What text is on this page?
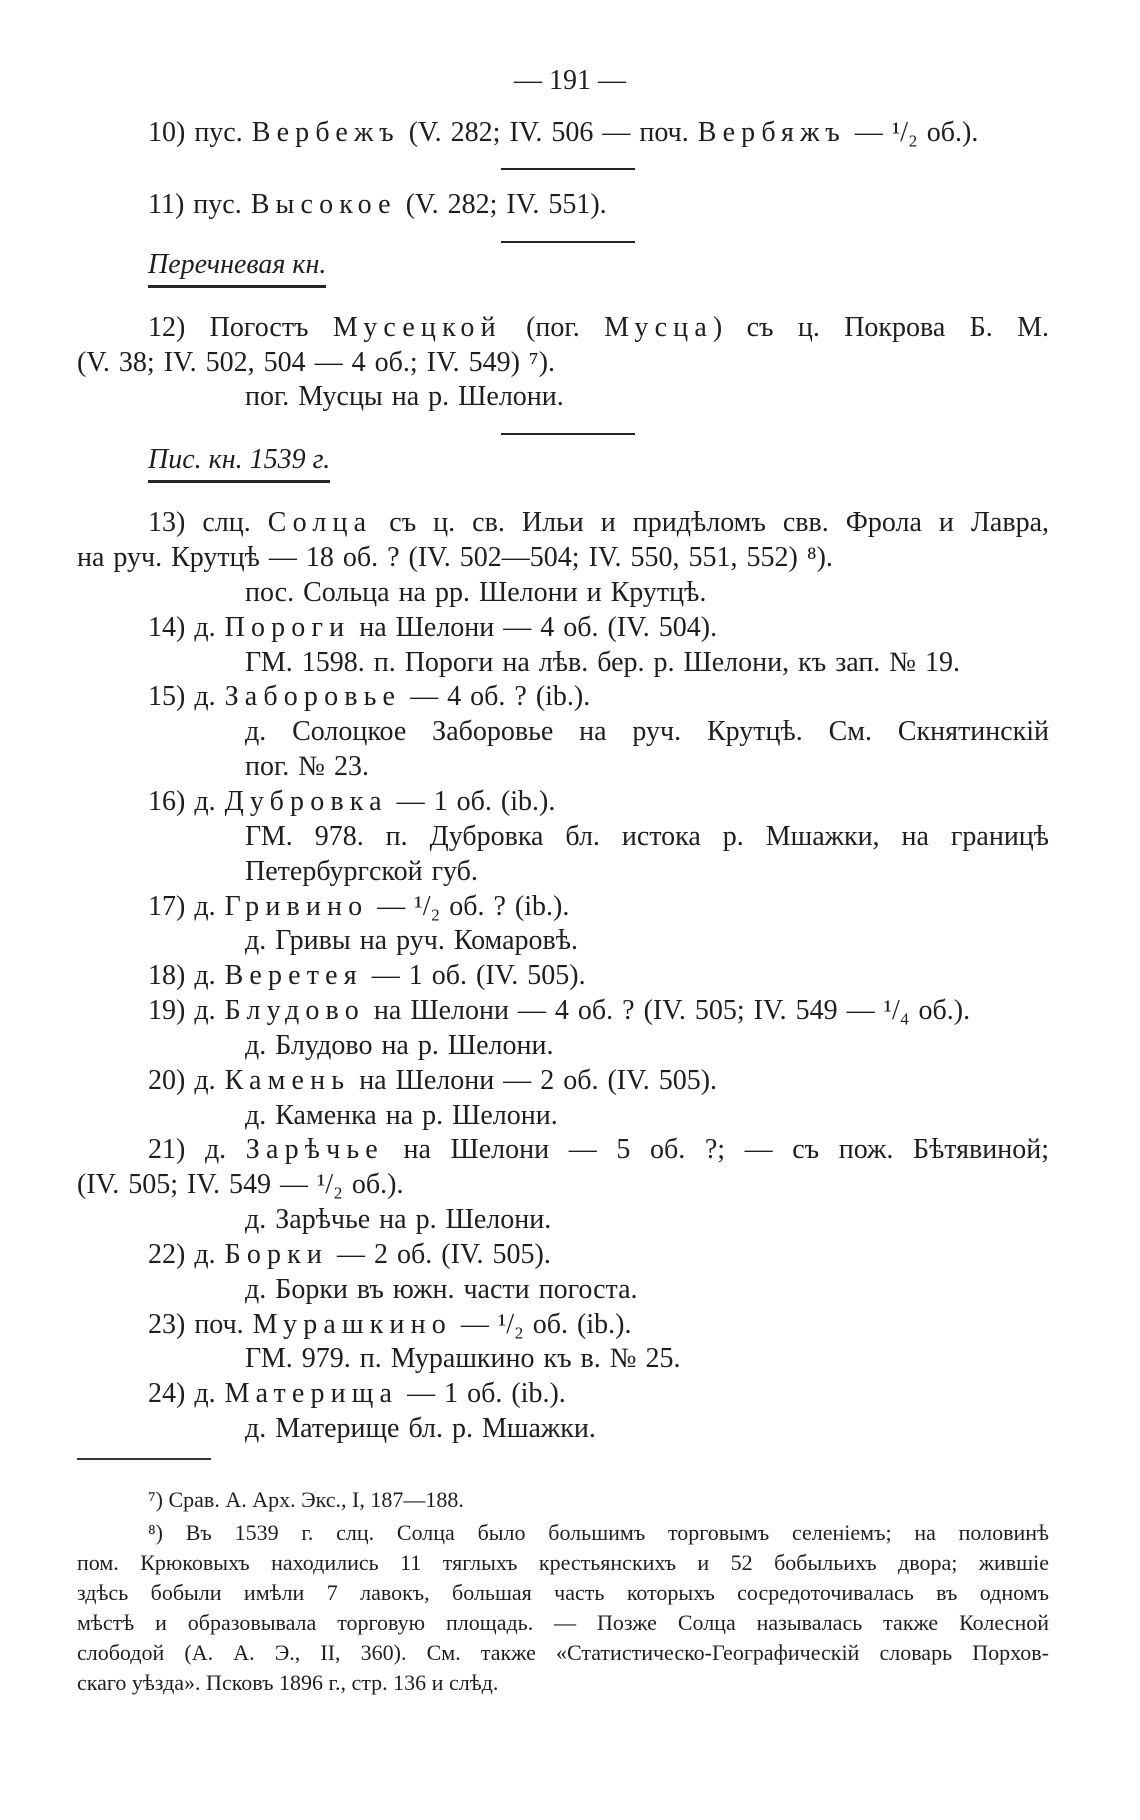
— 191 —
10) пус. Вербежъ (V. 282; IV. 506 — поч. Вербяжъ — ¹/₂ об.).
11) пус. Высокое (V. 282; IV. 551).
Перечневая кн.
12) Погостъ Мусецкой (пог. Мусца) съ ц. Покрова Б. М.
(V. 38; IV. 502, 504 — 4 об.; IV. 549) ⁷).
пог. Мусцы на р. Шелони.
Пис. кн. 1539 г.
13) слц. Солца съ ц. св. Ильи и придѣломъ свв. Фрола и Лавра,
на руч. Крутцѣ — 18 об. ? (IV. 502—504; IV. 550, 551, 552) ⁸).
пос. Сольца на рр. Шелони и Крутцѣ.
14) д. Пороги на Шелони — 4 об. (IV. 504).
ГМ. 1598. п. Пороги на лѣв. бер. р. Шелони, къ зап. № 19.
15) д. Заборовье — 4 об. ? (ib.).
д. Солоцкое Заборовье на руч. Крутцѣ. См. Скнятинскій
пог. № 23.
16) д. Дубровка — 1 об. (ib.).
ГМ. 978. п. Дубровка бл. истока р. Мшажки, на границѣ
Петербургской губ.
17) д. Гривино — ¹/₂ об. ? (ib.).
д. Гривы на руч. Комаровѣ.
18) д. Веретея — 1 об. (IV. 505).
19) д. Блудово на Шелони — 4 об. ? (IV. 505; IV. 549 — ¹/₄ об.).
д. Блудово на р. Шелони.
20) д. Камень на Шелони — 2 об. (IV. 505).
д. Каменка на р. Шелони.
21) д. Зарѣчье на Шелони — 5 об. ?; — съ пож. Бѣтявиной;
(IV. 505; IV. 549 — ¹/₂ об.).
д. Зарѣчье на р. Шелони.
22) д. Борки — 2 об. (IV. 505).
д. Борки въ южн. части погоста.
23) поч. Мурашкино — ¹/₂ об. (ib.).
ГМ. 979. п. Мурашкино къ в. № 25.
24) д. Материща — 1 об. (ib.).
д. Материще бл. р. Мшажки.
⁷) Срав. А. Арх. Экс., I, 187—188.
⁸) Въ 1539 г. слц. Солца было большимъ торговымъ селеніемъ; на половинѣ
пом. Крюковыхъ находились 11 тяглыхъ крестьянскихъ и 52 бобыльихъ двора; жившіе
здѣсь бобыли имѣли 7 лавокъ, большая часть которыхъ сосредоточивалась въ одномъ
мѣстѣ и образовывала торговую площадь. — Позже Солца называлась также Колесной
слободой (А. А. Э., II, 360). См. также «Статистическо-Географическій словарь Порхов-
скаго уѣзда». Псковъ 1896 г., стр. 136 и слѣд.
